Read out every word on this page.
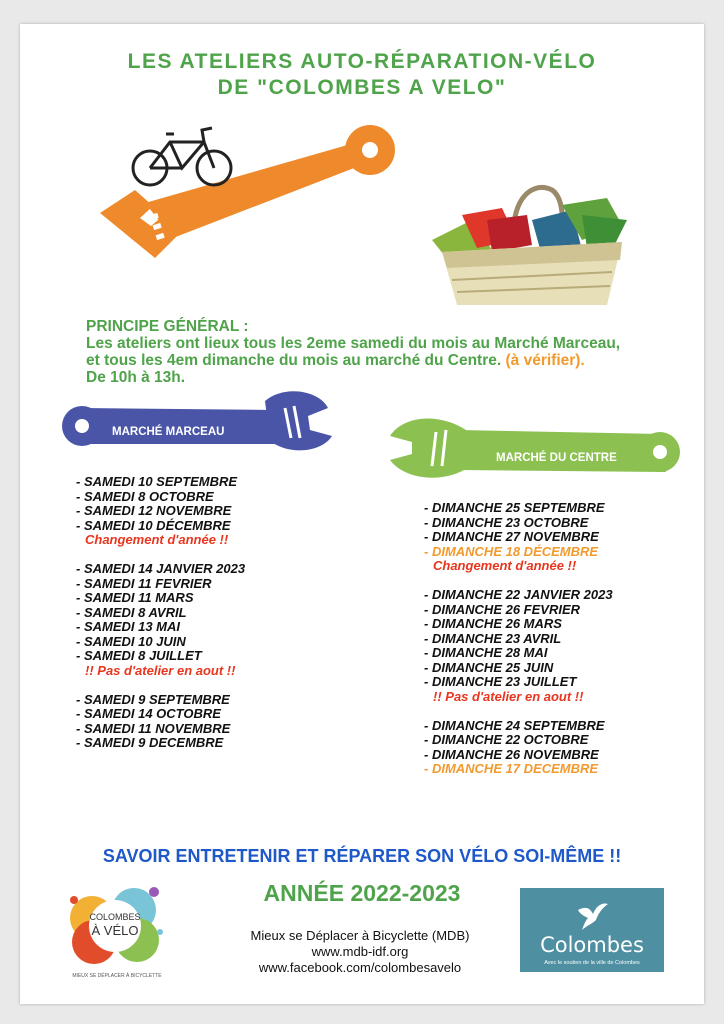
LES ATELIERS AUTO-RÉPARATION-VÉLO
DE "COLOMBES A VELO"
PRINCIPE GÉNÉRAL :
Les ateliers ont lieux tous les 2eme samedi du mois au Marché Marceau,
et tous les 4em dimanche du mois au marché du Centre. (à vérifier).
De 10h à 13h.
MARCHÉ MARCEAU
MARCHÉ DU CENTRE
- SAMEDI 10 SEPTEMBRE
- SAMEDI 8 OCTOBRE
- SAMEDI 12 NOVEMBRE
- SAMEDI 10 DÉCEMBRE
Changement d'année !!
- SAMEDI 14 JANVIER 2023
- SAMEDI 11 FEVRIER
- SAMEDI 11 MARS
- SAMEDI 8 AVRIL
- SAMEDI 13 MAI
- SAMEDI 10 JUIN
- SAMEDI 8 JUILLET
!! Pas d'atelier en aout !!
- SAMEDI 9 SEPTEMBRE
- SAMEDI 14 OCTOBRE
- SAMEDI 11 NOVEMBRE
- SAMEDI 9 DECEMBRE
- DIMANCHE 25 SEPTEMBRE
- DIMANCHE 23 OCTOBRE
- DIMANCHE 27 NOVEMBRE
- DIMANCHE 18 DÉCEMBRE
Changement d'année !!
- DIMANCHE 22 JANVIER 2023
- DIMANCHE 26 FEVRIER
- DIMANCHE 26 MARS
- DIMANCHE 23 AVRIL
- DIMANCHE 28 MAI
- DIMANCHE 25 JUIN
- DIMANCHE 23 JUILLET
!! Pas d'atelier en aout !!
- DIMANCHE 24 SEPTEMBRE
- DIMANCHE 22 OCTOBRE
- DIMANCHE 26 NOVEMBRE
- DIMANCHE 17 DECEMBRE
SAVOIR ENTRETENIR ET RÉPARER SON VÉLO SOI-MÊME !!
ANNÉE 2022-2023
COLOMBES
À VÉLO
MIEUX SE DÉPLACER À BICYCLETTE
Mieux se Déplacer à Bicyclette (MDB)
www.mdb-idf.org
www.facebook.com/colombesavelo
Colombes
Avec le soutien de la ville de Colombes
